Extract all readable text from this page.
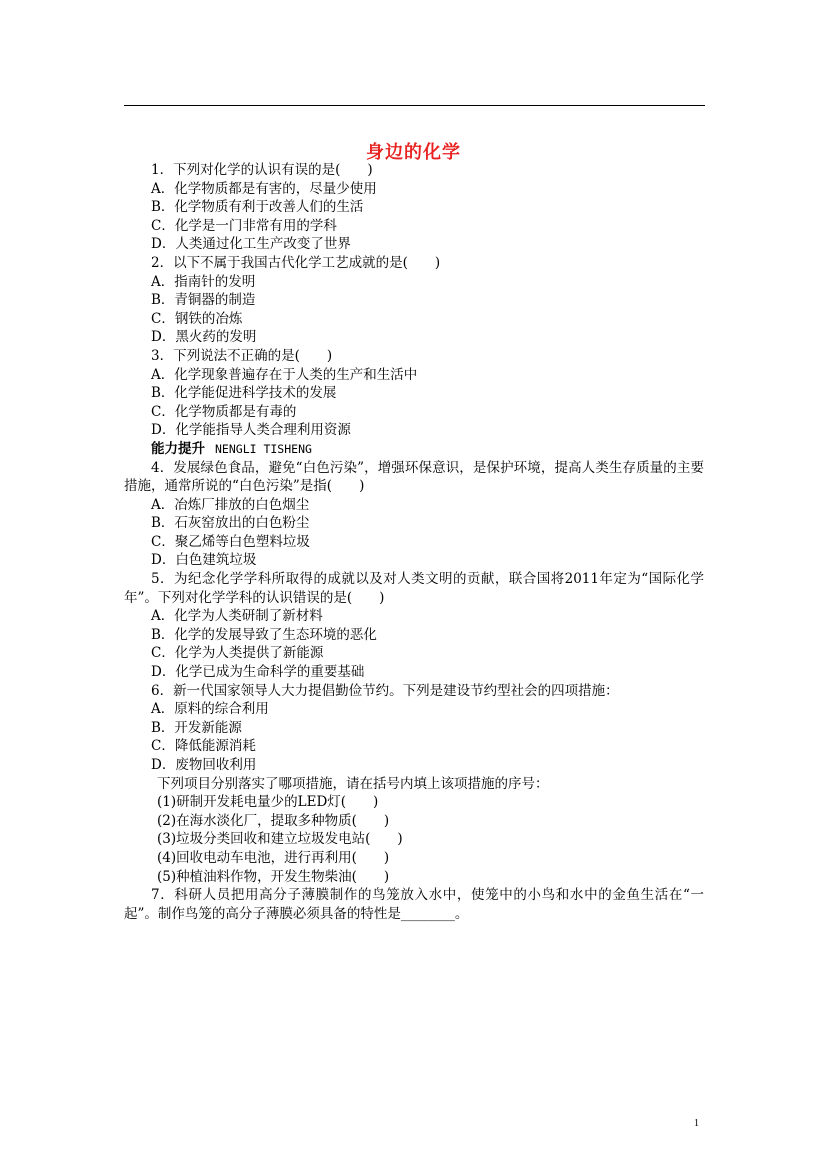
身边的化学

1．下列对化学的认识有误的是(　　)

A．化学物质都是有害的，尽量少使用

B．化学物质有利于改善人们的生活

C．化学是一门非常有用的学科

D．人类通过化工生产改变了世界

2．以下不属于我国古代化学工艺成就的是(　　)

A．指南针的发明

B．青铜器的制造

C．钢铁的冶炼

D．黑火药的发明

3．下列说法不正确的是(　　)

A．化学现象普遍存在于人类的生产和生活中

B．化学能促进科学技术的发展

C．化学物质都是有毒的

D．化学能指导人类合理利用资源

能力提升 NENGLI TISHENG

4．发展绿色食品，避免“白色污染”，增强环保意识，是保护环境，提高人类生存质量的主要措施，通常所说的“白色污染”是指(　　)

A．冶炼厂排放的白色烟尘

B．石灰窑放出的白色粉尘

C．聚乙烯等白色塑料垃圾

D．白色建筑垃圾

5．为纪念化学学科所取得的成就以及对人类文明的贡献，联合国将2011年定为“国际化学年”。下列对化学学科的认识错误的是(　　)

A．化学为人类研制了新材料

B．化学的发展导致了生态环境的恶化

C．化学为人类提供了新能源

D．化学已成为生命科学的重要基础

6．新一代国家领导人大力提倡勤俭节约。下列是建设节约型社会的四项措施：

A．原料的综合利用

B．开发新能源

C．降低能源消耗

D．废物回收利用

下列项目分别落实了哪项措施，请在括号内填上该项措施的序号：

(1)研制开发耗电量少的LED灯(　　)

(2)在海水淡化厂，提取多种物质(　　)

(3)垃圾分类回收和建立垃圾发电站(　　)

(4)回收电动车电池，进行再利用(　　)

(5)种植油料作物，开发生物柴油(　　)

7．科研人员把用高分子薄膜制作的鸟笼放入水中，使笼中的小鸟和水中的金鱼生活在“一起”。制作鸟笼的高分子薄膜必须具备的特性是________。

1
